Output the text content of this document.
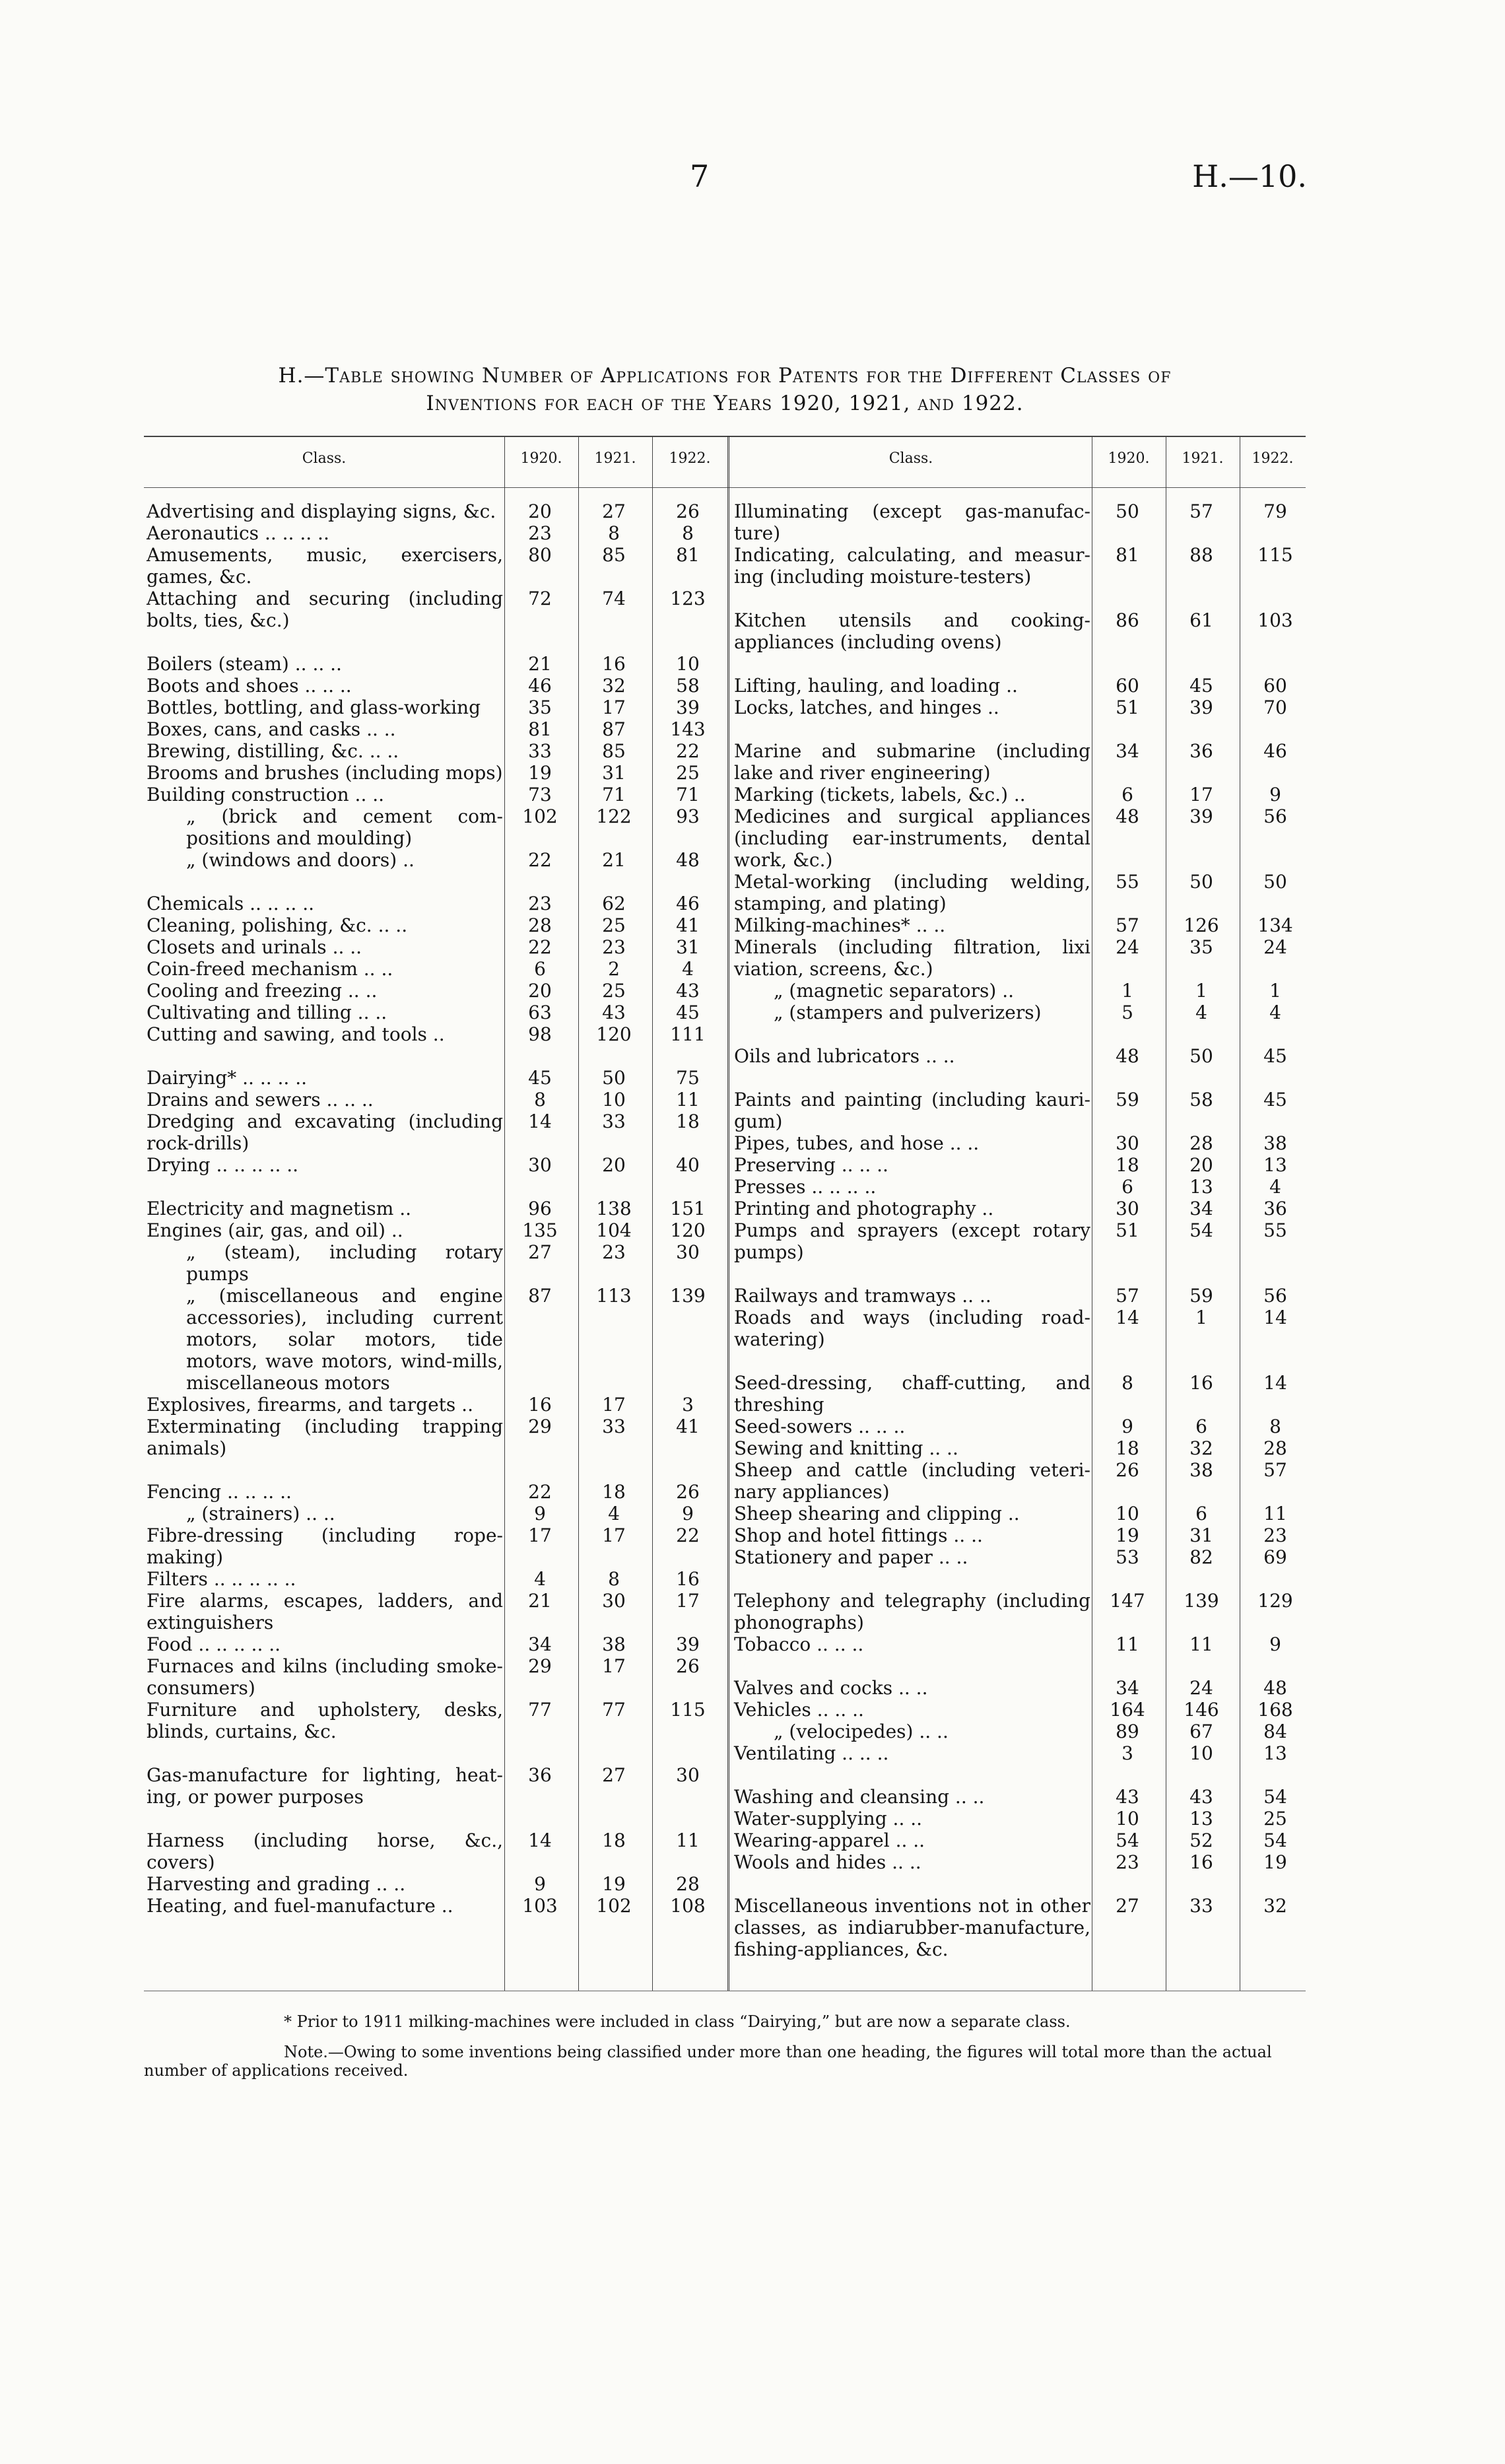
7	H.—10.
H.—Table showing Number of Applications for Patents for the Different Classes of
Inventions for each of the Years 1920, 1921, and 1922.
Class.	1920.	1921.	1922.	Class.	1920.	1921.	1922.
Advertising and displaying signs, &c.	20	27	26
Aeronautics .. .. .. ..	23	8	8
Amusements, music, exercisers, games, &c.
80	85	81
Attaching and securing (including bolts, ties, &c.)
72	74	123
Boilers (steam) .. .. ..	21	16	10
Boots and shoes .. .. ..	46	32	58
Bottles, bottling, and glass-working	35	17	39
Boxes, cans, and casks .. ..	81	87	143
Brewing, distilling, &c. .. ..	33	85	22
Brooms and brushes (including mops)	19	31	25
Building construction .. ..	73	71	71
„ (brick and cement com-positions and moulding)
102	122	93
„ (windows and doors) ..	22	21	48
Chemicals .. .. .. ..	23	62	46
Cleaning, polishing, &c. .. ..	28	25	41
Closets and urinals .. ..	22	23	31
Coin-freed mechanism .. ..	6	2	4
Cooling and freezing .. ..	20	25	43
Cultivating and tilling .. ..	63	43	45
Cutting and sawing, and tools ..	98	120	111
Dairying* .. .. .. ..	45	50	75
Drains and sewers .. .. ..	8	10	11
Dredging and excavating (including rock-drills)
14	33	18
Drying .. .. .. .. ..	30	20	40
Electricity and magnetism ..	96	138	151
Engines (air, gas, and oil) ..	135	104	120
„ (steam), including rotary pumps
27	23	30
„ (miscellaneous and engine accessories), including current motors, solar motors, tide motors, wave motors, wind-mills, miscellaneous motors
87	113	139
Explosives, firearms, and targets ..	16	17	3
Exterminating (including trapping animals)
29	33	41
Fencing .. .. .. ..	22	18	26
„ (strainers) .. ..	9	4	9
Fibre-dressing (including rope-making)
17	17	22
Filters .. .. .. .. ..	4	8	16
Fire alarms, escapes, ladders, and extinguishers
21	30	17
Food .. .. .. .. ..	34	38	39
Furnaces and kilns (including smoke-consumers)
29	17	26
Furniture and upholstery, desks, blinds, curtains, &c.
77	77	115
Gas-manufacture for lighting, heat-ing, or power purposes
36	27	30
Harness (including horse, &c., covers)
14	18	11
Harvesting and grading .. ..	9	19	28
Heating, and fuel-manufacture ..	103	102	108
Illuminating (except gas-manufac-ture)
50	57	79
Indicating, calculating, and measur-ing (including moisture-testers)
81	88	115
Kitchen utensils and cooking-appliances (including ovens)
86	61	103
Lifting, hauling, and loading ..	60	45	60
Locks, latches, and hinges ..	51	39	70
Marine and submarine (including lake and river engineering)
34	36	46
Marking (tickets, labels, &c.) ..	6	17	9
Medicines and surgical appliances (including ear-instruments, dental work, &c.)
48	39	56
Metal-working (including welding, stamping, and plating)
55	50	50
Milking-machines* .. ..	57	126	134
Minerals (including filtration, lixi viation, screens, &c.)
24	35	24
„ (magnetic separators) ..	1	1	1
„ (stampers and pulverizers)	5	4	4
Oils and lubricators .. ..	48	50	45
Paints and painting (including kauri-gum)
59	58	45
Pipes, tubes, and hose .. ..	30	28	38
Preserving .. .. ..	18	20	13
Presses .. .. .. ..	6	13	4
Printing and photography ..	30	34	36
Pumps and sprayers (except rotary pumps)
51	54	55
Railways and tramways .. ..	57	59	56
Roads and ways (including road-watering)
14	1	14
Seed-dressing, chaff-cutting, and threshing
8	16	14
Seed-sowers .. .. ..	9	6	8
Sewing and knitting .. ..	18	32	28
Sheep and cattle (including veteri-nary appliances)
26	38	57
Sheep shearing and clipping ..	10	6	11
Shop and hotel fittings .. ..	19	31	23
Stationery and paper .. ..	53	82	69
Telephony and telegraphy (including phonographs)
147	139	129
Tobacco .. .. ..	11	11	9
Valves and cocks .. ..	34	24	48
Vehicles .. .. ..	164	146	168
„ (velocipedes) .. ..	89	67	84
Ventilating .. .. ..	3	10	13
Washing and cleansing .. ..	43	43	54
Water-supplying .. ..	10	13	25
Wearing-apparel .. ..	54	52	54
Wools and hides .. ..	23	16	19
Miscellaneous inventions not in other classes, as indiarubber-manufacture, fishing-appliances, &c.
27	33	32
* Prior to 1911 milking-machines were included in class “Dairying,” but are now a separate class.
Note.—Owing to some inventions being classified under more than one heading, the figures will total more than the actual number of applications received.
